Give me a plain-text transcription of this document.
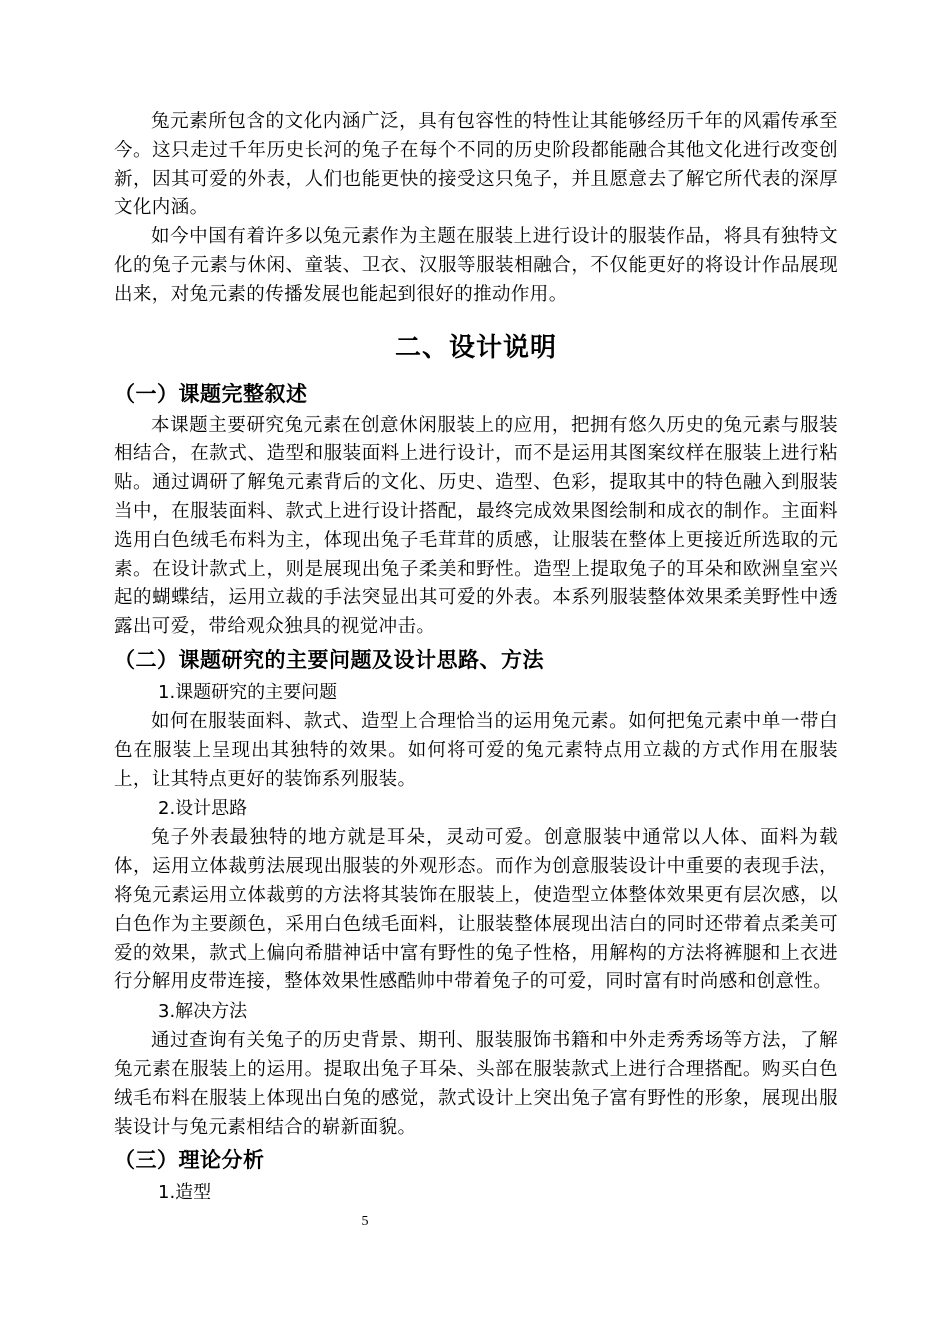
兔元素所包含的文化内涵广泛，具有包容性的特性让其能够经历千年的风霜传承至今。这只走过千年历史长河的兔子在每个不同的历史阶段都能融合其他文化进行改变创新，因其可爱的外表，人们也能更快的接受这只兔子，并且愿意去了解它所代表的深厚文化内涵。

如今中国有着许多以兔元素作为主题在服装上进行设计的服装作品，将具有独特文化的兔子元素与休闲、童装、卫衣、汉服等服装相融合，不仅能更好的将设计作品展现出来，对兔元素的传播发展也能起到很好的推动作用。

二、设计说明
（一）课题完整叙述

本课题主要研究兔元素在创意休闲服装上的应用，把拥有悠久历史的兔元素与服装相结合，在款式、造型和服装面料上进行设计，而不是运用其图案纹样在服装上进行粘贴。通过调研了解兔元素背后的文化、历史、造型、色彩，提取其中的特色融入到服装当中，在服装面料、款式上进行设计搭配，最终完成效果图绘制和成衣的制作。主面料选用白色绒毛布料为主，体现出兔子毛茸茸的质感，让服装在整体上更接近所选取的元素。在设计款式上，则是展现出兔子柔美和野性。造型上提取兔子的耳朵和欧洲皇室兴起的蝴蝶结，运用立裁的手法突显出其可爱的外表。本系列服装整体效果柔美野性中透露出可爱，带给观众独具的视觉冲击。

（二）课题研究的主要问题及设计思路、方法
1.课题研究的主要问题

如何在服装面料、款式、造型上合理恰当的运用兔元素。如何把兔元素中单一带白色在服装上呈现出其独特的效果。如何将可爱的兔元素特点用立裁的方式作用在服装上，让其特点更好的装饰系列服装。

2.设计思路

兔子外表最独特的地方就是耳朵，灵动可爱。创意服装中通常以人体、面料为载体，运用立体裁剪法展现出服装的外观形态。而作为创意服装设计中重要的表现手法，将兔元素运用立体裁剪的方法将其装饰在服装上，使造型立体整体效果更有层次感，以白色作为主要颜色，采用白色绒毛面料，让服装整体展现出洁白的同时还带着点柔美可爱的效果，款式上偏向希腊神话中富有野性的兔子性格，用解构的方法将裤腿和上衣进行分解用皮带连接，整体效果性感酷帅中带着兔子的可爱，同时富有时尚感和创意性。

3.解决方法

通过查询有关兔子的历史背景、期刊、服装服饰书籍和中外走秀秀场等方法，了解兔元素在服装上的运用。提取出兔子耳朵、头部在服装款式上进行合理搭配。购买白色绒毛布料在服装上体现出白兔的感觉，款式设计上突出兔子富有野性的形象，展现出服装设计与兔元素相结合的崭新面貌。

（三）理论分析
1.造型
5
